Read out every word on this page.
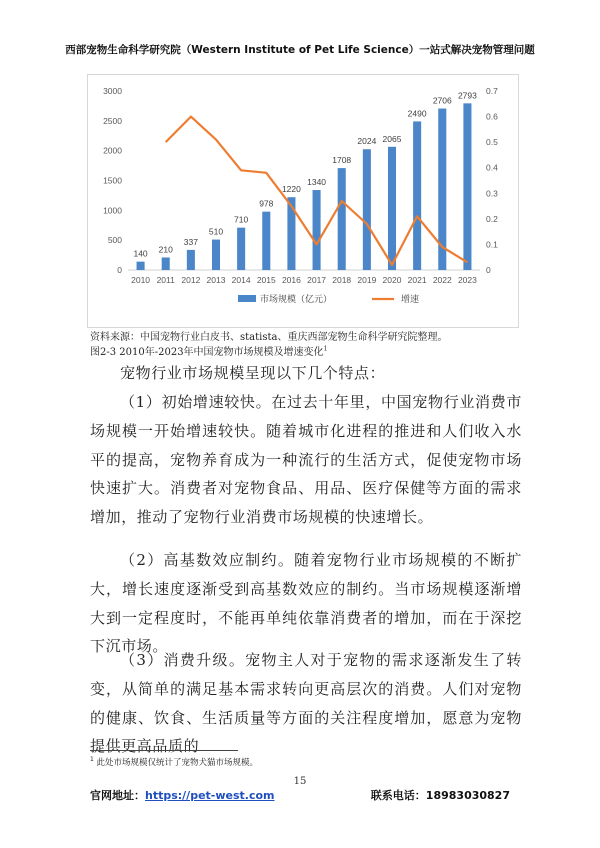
西部宠物生命科学研究院（Western Institute of Pet Life Science）一站式解决宠物管理问题
0
500
1000
1500
2000
2500
3000
0
0.1
0.2
0.3
0.4
0.5
0.6
0.7
140
2010
210
2011
337
2012
510
2013
710
2014
978
2015
1220
2016
1340
2017
1708
2018
2024
2019
2065
2020
2490
2021
2706
2022
2793
2023
市场规模（亿元）	增速
资料来源：中国宠物行业白皮书、statista、重庆西部宠物生命科学研究院整理。
图2-3 2010年-2023年中国宠物市场规模及增速变化$^1$

宠物行业市场规模呈现以下几个特点：

（1）初始增速较快。在过去十年里，中国宠物行业消费市场规模一开始增速较快。随着城市化进程的推进和人们收入水平的提高，宠物养育成为一种流行的生活方式，促使宠物市场快速扩大。消费者对宠物食品、用品、医疗保健等方面的需求增加，推动了宠物行业消费市场规模的快速增长。

（2）高基数效应制约。随着宠物行业市场规模的不断扩大，增长速度逐渐受到高基数效应的制约。当市场规模逐渐增大到一定程度时，不能再单纯依靠消费者的增加，而在于深挖下沉市场。

（3）消费升级。宠物主人对于宠物的需求逐渐发生了转变，从简单的满足基本需求转向更高层次的消费。人们对宠物的健康、饮食、生活质量等方面的关注程度增加，愿意为宠物提供更高品质的

$^1$ 此处市场规模仅统计了宠物犬猫市场规模。
15
官网地址：https://pet-west.com	联系电话：18983030827
